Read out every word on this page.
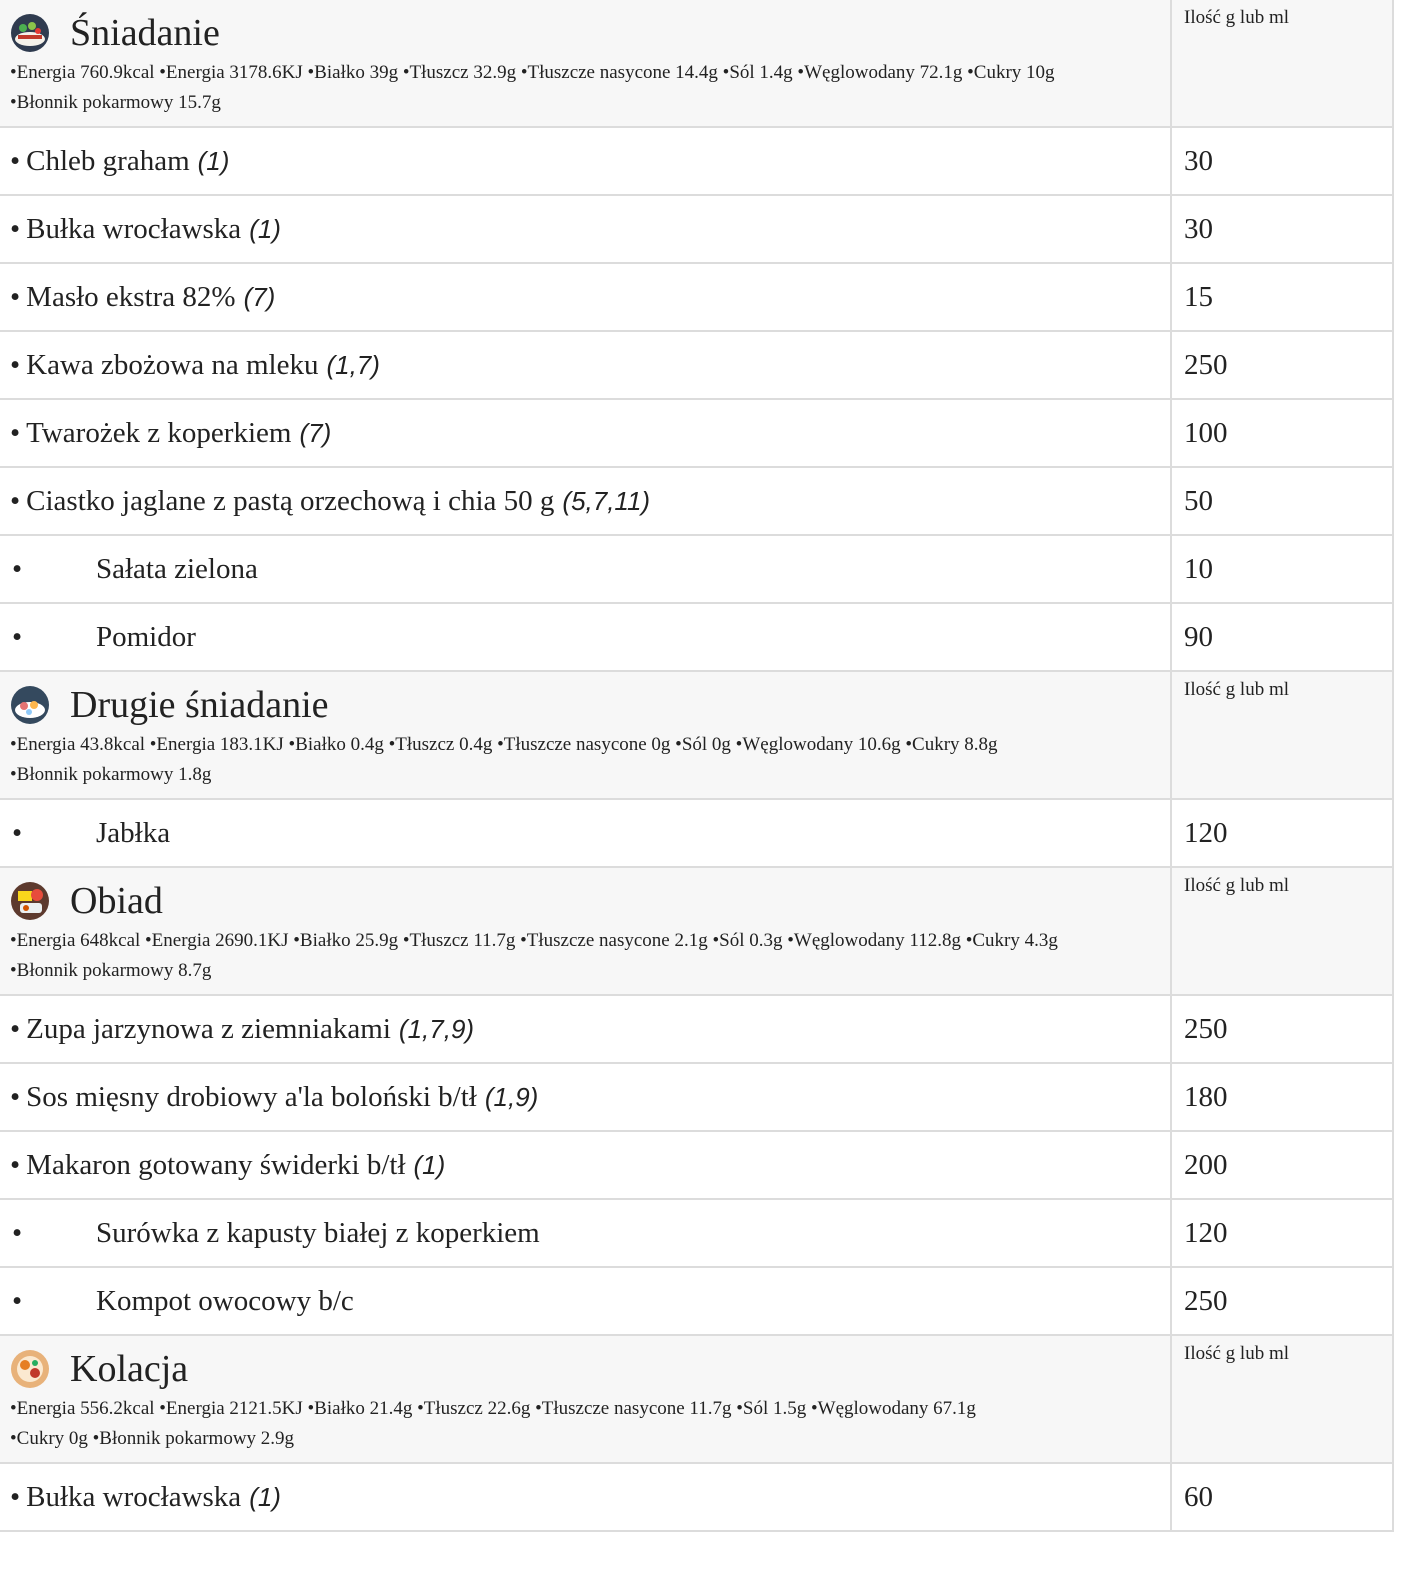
Śniadanie
•Energia 760.9kcal •Energia 3178.6KJ •Białko 39g •Tłuszcz 32.9g •Tłuszcze nasycone 14.4g •Sól 1.4g •Węglowodany 72.1g •Cukry 10g
•Błonnik pokarmowy 15.7g
Ilość g lub ml
• Chleb graham (1)	30
• Bułka wrocławska (1)	30
• Masło ekstra 82% (7)	15
• Kawa zbożowa na mleku (1,7)	250
• Twarożek z koperkiem (7)	100
• Ciastko jaglane z pastą orzechową i chia 50 g (5,7,11)	50
•	Sałata zielona	10
•	Pomidor	90
Drugie śniadanie
•Energia 43.8kcal •Energia 183.1KJ •Białko 0.4g •Tłuszcz 0.4g •Tłuszcze nasycone 0g •Sól 0g •Węglowodany 10.6g •Cukry 8.8g
•Błonnik pokarmowy 1.8g
Ilość g lub ml
•	Jabłka	120
Obiad
•Energia 648kcal •Energia 2690.1KJ •Białko 25.9g •Tłuszcz 11.7g •Tłuszcze nasycone 2.1g •Sól 0.3g •Węglowodany 112.8g •Cukry 4.3g
•Błonnik pokarmowy 8.7g
Ilość g lub ml
• Zupa jarzynowa z ziemniakami (1,7,9)	250
• Sos mięsny drobiowy a'la boloński b/tł (1,9)	180
• Makaron gotowany świderki b/tł (1)	200
•	Surówka z kapusty białej z koperkiem	120
•	Kompot owocowy b/c	250
Kolacja
•Energia 556.2kcal •Energia 2121.5KJ •Białko 21.4g •Tłuszcz 22.6g •Tłuszcze nasycone 11.7g •Sól 1.5g •Węglowodany 67.1g
•Cukry 0g •Błonnik pokarmowy 2.9g
Ilość g lub ml
• Bułka wrocławska (1)	60
